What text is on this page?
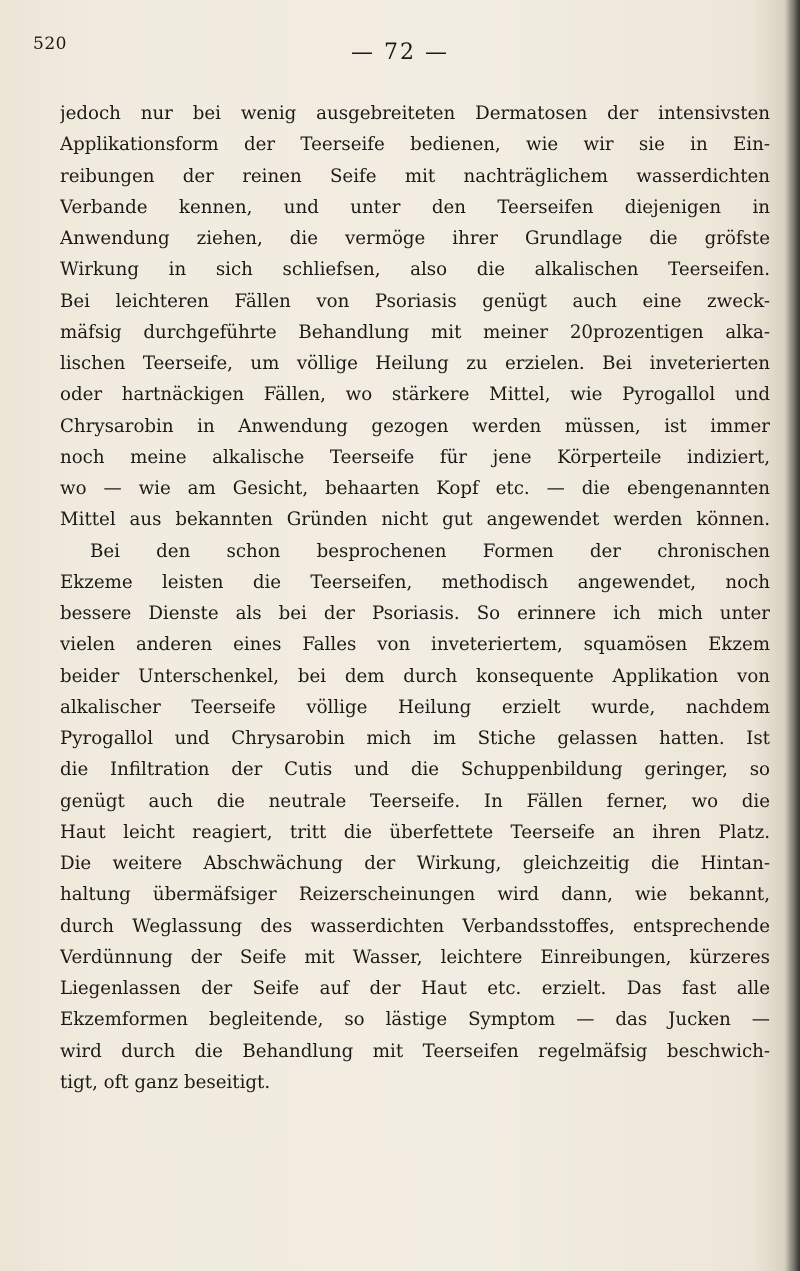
520	— 72 —
jedoch nur bei wenig ausgebreiteten Dermatosen der intensivsten
Applikationsform der Teerseife bedienen, wie wir sie in Ein-
reibungen der reinen Seife mit nachträglichem wasserdichten
Verbande kennen, und unter den Teerseifen diejenigen in
Anwendung ziehen, die vermöge ihrer Grundlage die gröfste
Wirkung in sich schliefsen, also die alkalischen Teerseifen.
Bei leichteren Fällen von Psoriasis genügt auch eine zweck-
mäfsig durchgeführte Behandlung mit meiner 20prozentigen alka-
lischen Teerseife, um völlige Heilung zu erzielen. Bei inveterierten
oder hartnäckigen Fällen, wo stärkere Mittel, wie Pyrogallol und
Chrysarobin in Anwendung gezogen werden müssen, ist immer
noch meine alkalische Teerseife für jene Körperteile indiziert,
wo — wie am Gesicht, behaarten Kopf etc. — die ebengenannten
Mittel aus bekannten Gründen nicht gut angewendet werden können.
Bei den schon besprochenen Formen der chronischen
Ekzeme leisten die Teerseifen, methodisch angewendet, noch
bessere Dienste als bei der Psoriasis. So erinnere ich mich unter
vielen anderen eines Falles von inveteriertem, squamösen Ekzem
beider Unterschenkel, bei dem durch konsequente Applikation von
alkalischer Teerseife völlige Heilung erzielt wurde, nachdem
Pyrogallol und Chrysarobin mich im Stiche gelassen hatten. Ist
die Infiltration der Cutis und die Schuppenbildung geringer, so
genügt auch die neutrale Teerseife. In Fällen ferner, wo die
Haut leicht reagiert, tritt die überfettete Teerseife an ihren Platz.
Die weitere Abschwächung der Wirkung, gleichzeitig die Hintan-
haltung übermäfsiger Reizerscheinungen wird dann, wie bekannt,
durch Weglassung des wasserdichten Verbandsstoffes, entsprechende
Verdünnung der Seife mit Wasser, leichtere Einreibungen, kürzeres
Liegenlassen der Seife auf der Haut etc. erzielt. Das fast alle
Ekzemformen begleitende, so lästige Symptom — das Jucken —
wird durch die Behandlung mit Teerseifen regelmäfsig beschwich-
tigt, oft ganz beseitigt.
